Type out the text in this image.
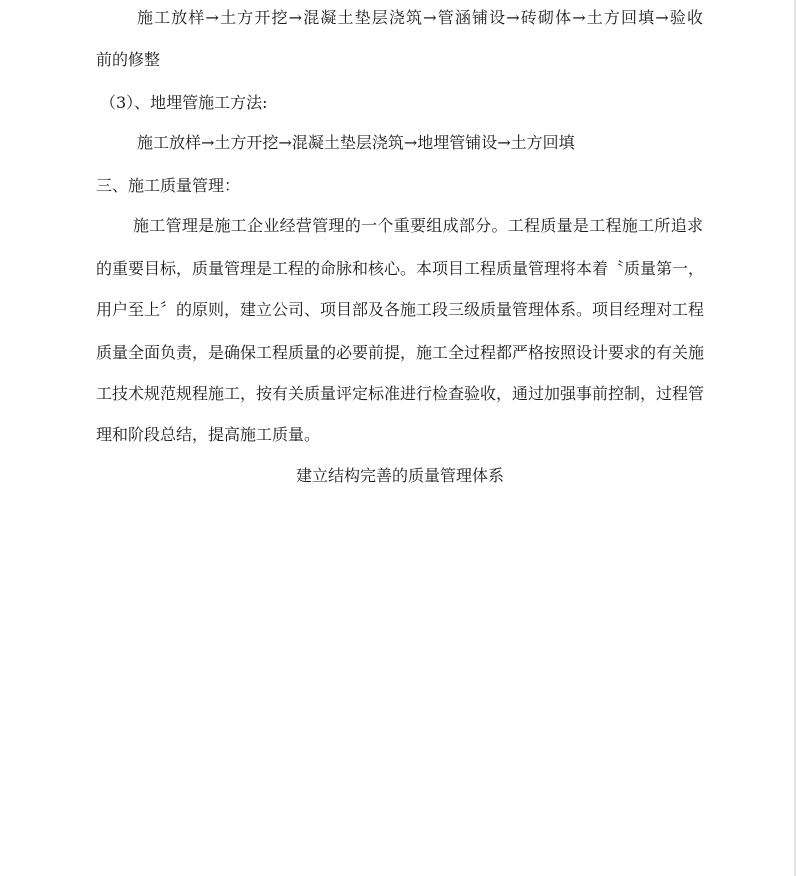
施工放样→土方开挖→混凝土垫层浇筑→管涵铺设→砖砌体→土方回填→验收
前的修整
（3）、地埋管施工方法:
施工放样→土方开挖→混凝土垫层浇筑→地埋管铺设→土方回填
三、施工质量管理：
施工管理是施工企业经营管理的一个重要组成部分。工程质量是工程施工所追求
的重要目标，质量管理是工程的命脉和核心。本项目工程质量管理将本着〝质量第一，
用户至上〞的原则，建立公司、项目部及各施工段三级质量管理体系。项目经理对工程
质量全面负责，是确保工程质量的必要前提，施工全过程都严格按照设计要求的有关施
工技术规范规程施工，按有关质量评定标准进行检查验收，通过加强事前控制，过程管
理和阶段总结，提高施工质量。
建立结构完善的质量管理体系
